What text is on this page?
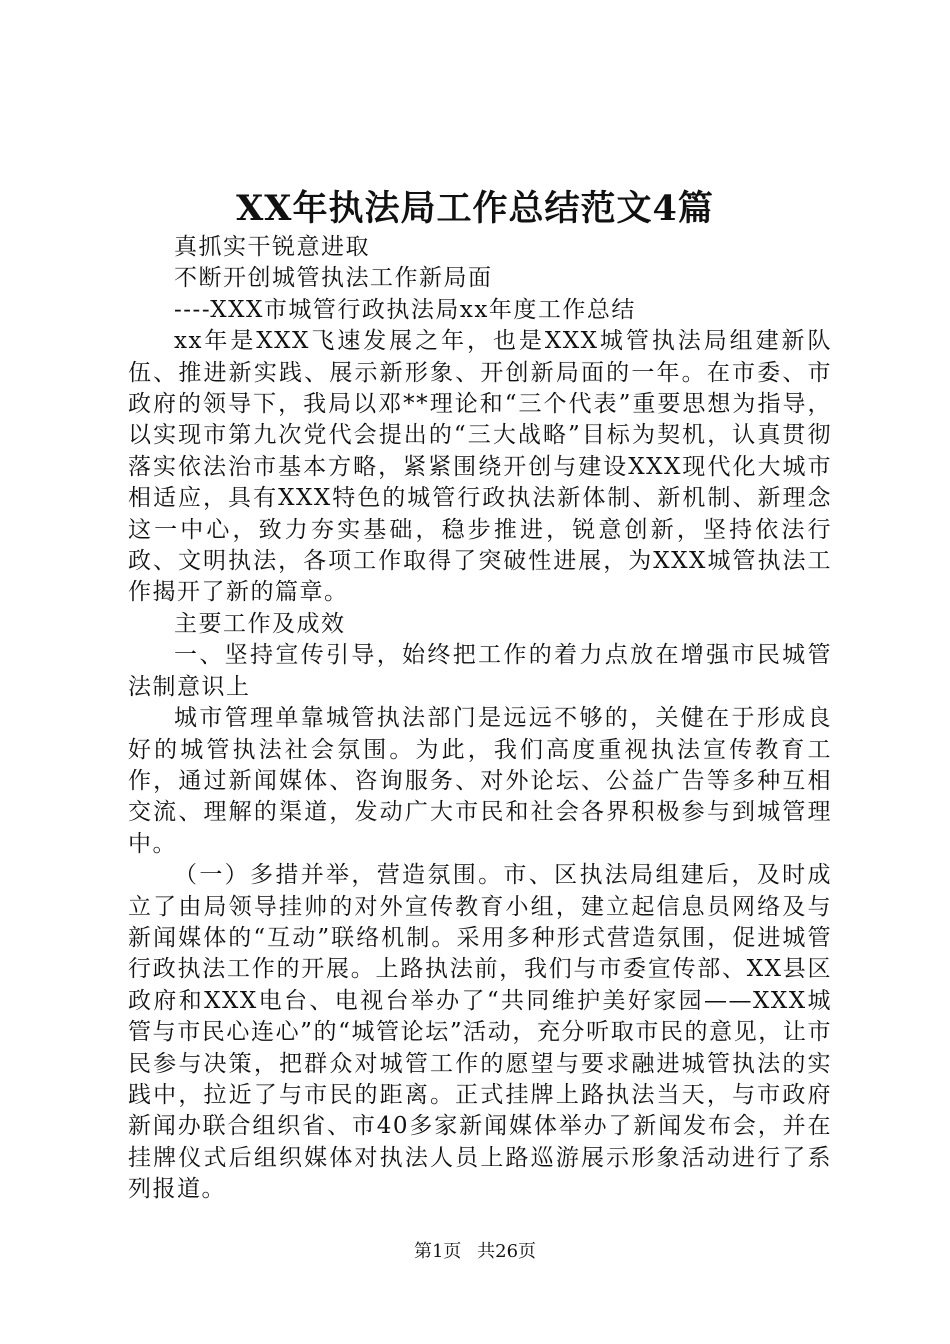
XX年执法局工作总结范文4篇

真抓实干锐意进取

不断开创城管执法工作新局面

----XXX市城管行政执法局xx年度工作总结

xx年是XXX飞速发展之年，也是XXX城管执法局组建新队伍、推进新实践、展示新形象、开创新局面的一年。在市委、市政府的领导下，我局以邓**理论和“三个代表”重要思想为指导，以实现市第九次党代会提出的“三大战略”目标为契机，认真贯彻落实依法治市基本方略，紧紧围绕开创与建设XXX现代化大城市相适应，具有XXX特色的城管行政执法新体制、新机制、新理念这一中心，致力夯实基础，稳步推进，锐意创新，坚持依法行政、文明执法，各项工作取得了突破性进展，为XXX城管执法工作揭开了新的篇章。

主要工作及成效

一、坚持宣传引导，始终把工作的着力点放在增强市民城管法制意识上

城市管理单靠城管执法部门是远远不够的，关健在于形成良好的城管执法社会氛围。为此，我们高度重视执法宣传教育工作，通过新闻媒体、咨询服务、对外论坛、公益广告等多种互相交流、理解的渠道，发动广大市民和社会各界积极参与到城管理中。

（一）多措并举，营造氛围。市、区执法局组建后，及时成立了由局领导挂帅的对外宣传教育小组，建立起信息员网络及与新闻媒体的“互动”联络机制。采用多种形式营造氛围，促进城管行政执法工作的开展。上路执法前，我们与市委宣传部、XX县区政府和XXX电台、电视台举办了“共同维护美好家园——XXX城管与市民心连心”的“城管论坛”活动，充分听取市民的意见，让市民参与决策，把群众对城管工作的愿望与要求融进城管执法的实践中，拉近了与市民的距离。正式挂牌上路执法当天，与市政府新闻办联合组织省、市40多家新闻媒体举办了新闻发布会，并在挂牌仪式后组织媒体对执法人员上路巡游展示形象活动进行了系列报道。

第1页 共26页
